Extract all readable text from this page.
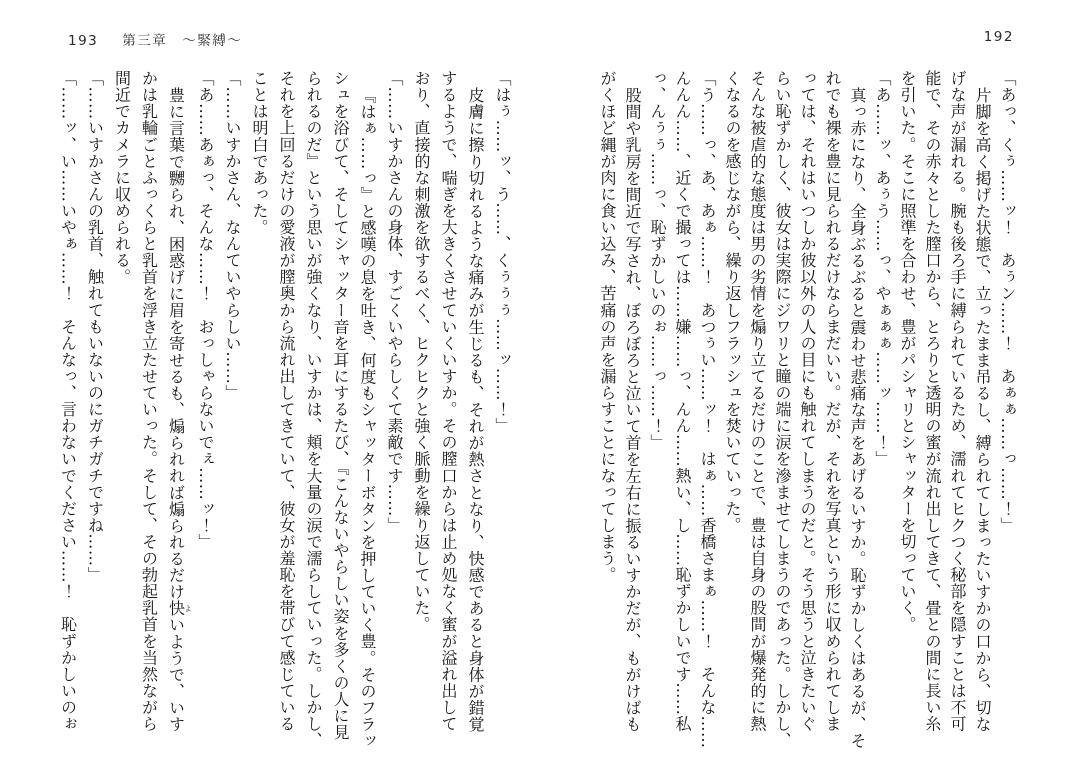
193 第三章　〜緊縛〜	192

「はぅ……ッ、う……、くぅぅぅ……ッ……！」

皮膚に擦り切れるような痛みが生じるも、それが熱さとなり、快感であると身体が錯覚

するようで、喘ぎを大きくさせていくいすか。その膣口からは止め処なく蜜が溢れ出して

おり、直接的な刺激を欲するべく、ヒクヒクと強く脈動を繰り返していた。

「……いすかさんの身体、すごくいやらしくて素敵です……」

『はぁ……っ』と感嘆の息を吐き、何度もシャッターボタンを押していく豊。そのフラッ

シュを浴びて、そしてシャッター音を耳にするたび、『こんないやらしい姿を多くの人に見

られるのだ』という思いが強くなり、いすかは、頬を大量の涙で濡らしていった。しかし、

それを上回るだけの愛液が膣奥から流れ出してきていて、彼女が羞恥を帯びて感じている

ことは明白であった。

「……いすかさん、なんていやらしい……」

「あ……あぁっ、そんな……！　おっしゃらないでぇ……ッ！」

豊に言葉で嬲られ、困惑げに眉を寄せるも、煽られれば煽られるだけ快よいようで、いす

かは乳輪ごとふっくらと乳首を浮き立たせていった。そして、その勃起乳首を当然ながら

間近でカメラに収められる。

「……いすかさんの乳首、触れてもいないのにガチガチですね……」

「……ッ、い……いやぁ……！　そんなっ、言わないでください……！　恥ずかしいのぉ	「あっ、くぅ……ッ！　あぅン……！　あぁぁ……っ……！」

片脚を高く掲げた状態で、立ったまま吊るし、縛られてしまったいすかの口から、切な

げな声が漏れる。腕も後ろ手に縛られているため、濡れてヒクつく秘部を隠すことは不可

能で、その赤々とした膣口から、とろりと透明の蜜が流れ出してきて、畳との間に長い糸

を引いた。そこに照準を合わせ、豊がパシャリとシャッターを切っていく。

「あ……ッ、あぅう……っ、やぁぁぁ……ッ……！」

真っ赤になり、全身ぶるぶると震わせ悲痛な声をあげるいすか。恥ずかしくはあるが、そ

れでも裸を豊に見られるだけならまだいい。だが、それを写真という形に収められてしま

っては、それはいつしか彼以外の人の目にも触れてしまうのだと。そう思うと泣きたいぐ

らい恥ずかしく、彼女は実際にジワリと瞳の端に涙を滲ませてしまうのであった。しかし、

そんな被虐的な態度は男の劣情を煽り立てるだけのことで、豊は自身の股間が爆発的に熱

くなるのを感じながら、繰り返しフラッシュを焚いていった。

「う……っ、あ、あぁ……！　あつぅい……ッ！　はぁ……香橋さまぁ……！　そんな……

んんん……、近くで撮っては……嫌……っ、んん……熱い、し……恥ずかしいです……私

っ、んぅぅ……っ、恥ずかしいのぉ……っ……！」

股間や乳房を間近で写され、ぼろぼろと泣いて首を左右に振るいすかだが、もがけばも

がくほど縄が肉に食い込み、苦痛の声を漏らすことになってしまう。
